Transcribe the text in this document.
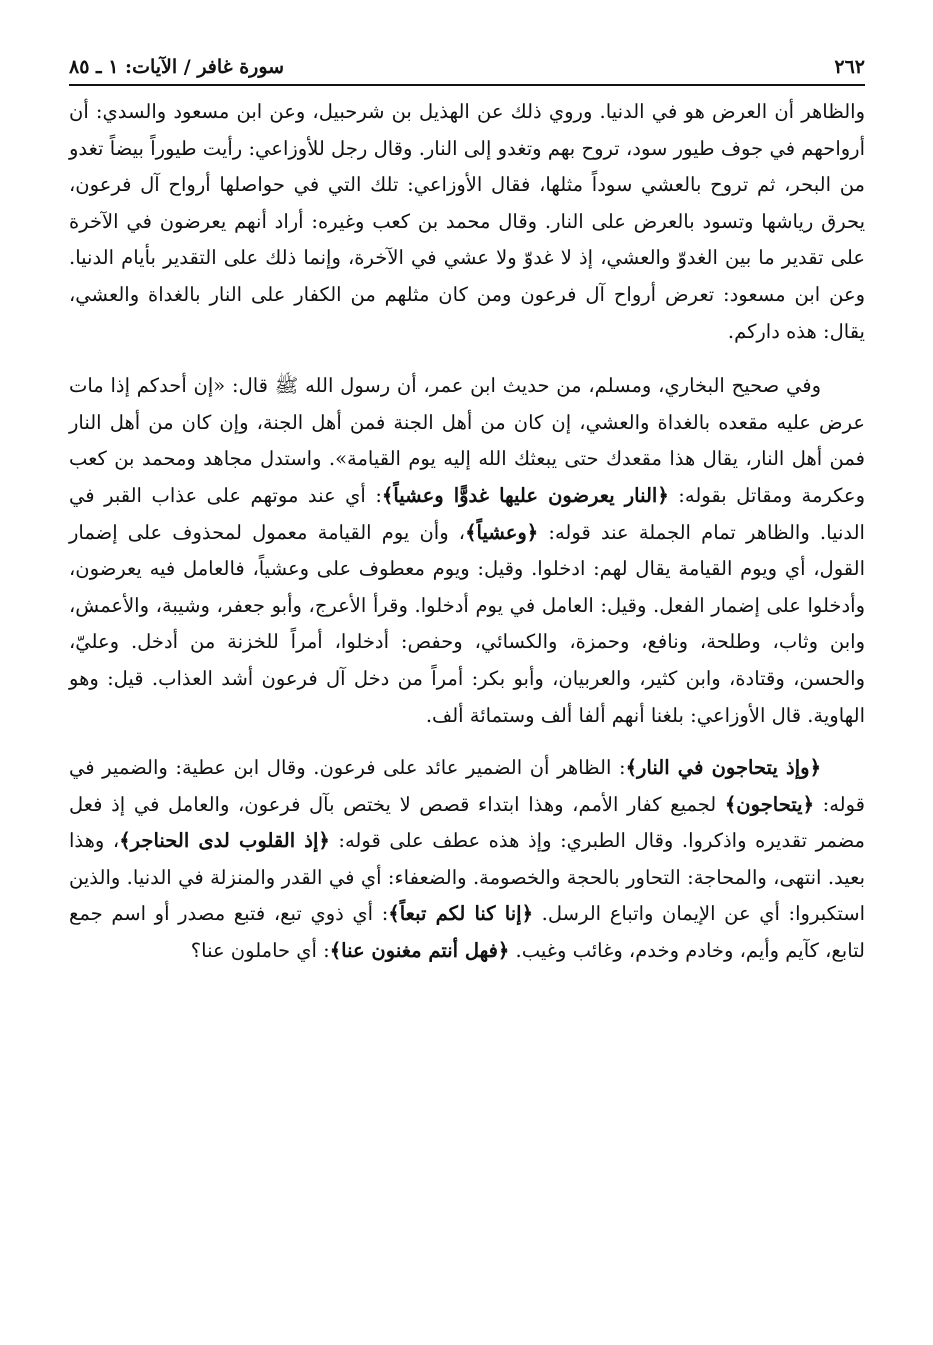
٢٦٢
سورة غافر / الآيات: ١ ـ ٨٥

والظاهر أن العرض هو في الدنيا. وروي ذلك عن الهذيل بن شرحبيل، وعن ابن مسعود والسدي: أن أرواحهم في جوف طيور سود، تروح بهم وتغدو إلى النار. وقال رجل للأوزاعي: رأيت طيوراً بيضاً تغدو من البحر، ثم تروح بالعشي سوداً مثلها، فقال الأوزاعي: تلك التي في حواصلها أرواح آل فرعون، يحرق رياشها وتسود بالعرض على النار. وقال محمد بن كعب وغيره: أراد أنهم يعرضون في الآخرة على تقدير ما بين الغدوّ والعشي، إذ لا غدوّ ولا عشي في الآخرة، وإنما ذلك على التقدير بأيام الدنيا. وعن ابن مسعود: تعرض أرواح آل فرعون ومن كان مثلهم من الكفار على النار بالغداة والعشي، يقال: هذه داركم.

وفي صحيح البخاري، ومسلم، من حديث ابن عمر، أن رسول الله ﷺ قال: «إن أحدكم إذا مات عرض عليه مقعده بالغداة والعشي، إن كان من أهل الجنة فمن أهل الجنة، وإن كان من أهل النار فمن أهل النار، يقال هذا مقعدك حتى يبعثك الله إليه يوم القيامة». واستدل مجاهد ومحمد بن كعب وعكرمة ومقاتل بقوله: ﴿النار يعرضون عليها غدوًّا وعشياً﴾: أي عند موتهم على عذاب القبر في الدنيا. والظاهر تمام الجملة عند قوله: ﴿وعشياً﴾، وأن يوم القيامة معمول لمحذوف على إضمار القول، أي ويوم القيامة يقال لهم: ادخلوا. وقيل: ويوم معطوف على وعشياً، فالعامل فيه يعرضون، وأدخلوا على إضمار الفعل. وقيل: العامل في يوم أدخلوا. وقرأ الأعرج، وأبو جعفر، وشيبة، والأعمش، وابن وثاب، وطلحة، ونافع، وحمزة، والكسائي، وحفص: أدخلوا، أمراً للخزنة من أدخل. وعليّ، والحسن، وقتادة، وابن كثير، والعربيان، وأبو بكر: أمراً من دخل آل فرعون أشد العذاب. قيل: وهو الهاوية. قال الأوزاعي: بلغنا أنهم ألفا ألف وستمائة ألف.

﴿وإذ يتحاجون في النار﴾: الظاهر أن الضمير عائد على فرعون. وقال ابن عطية: والضمير في قوله: ﴿يتحاجون﴾ لجميع كفار الأمم، وهذا ابتداء قصص لا يختص بآل فرعون، والعامل في إذ فعل مضمر تقديره واذكروا. وقال الطبري: وإذ هذه عطف على قوله: ﴿إذ القلوب لدى الحناجر﴾، وهذا بعيد. انتهى، والمحاجة: التحاور بالحجة والخصومة. والضعفاء: أي في القدر والمنزلة في الدنيا. والذين استكبروا: أي عن الإيمان واتباع الرسل. ﴿إنا كنا لكم تبعاً﴾: أي ذوي تبع، فتبع مصدر أو اسم جمع لتابع، كآيم وأيم، وخادم وخدم، وغائب وغيب. ﴿فهل أنتم مغنون عنا﴾: أي حاملون عنا؟
